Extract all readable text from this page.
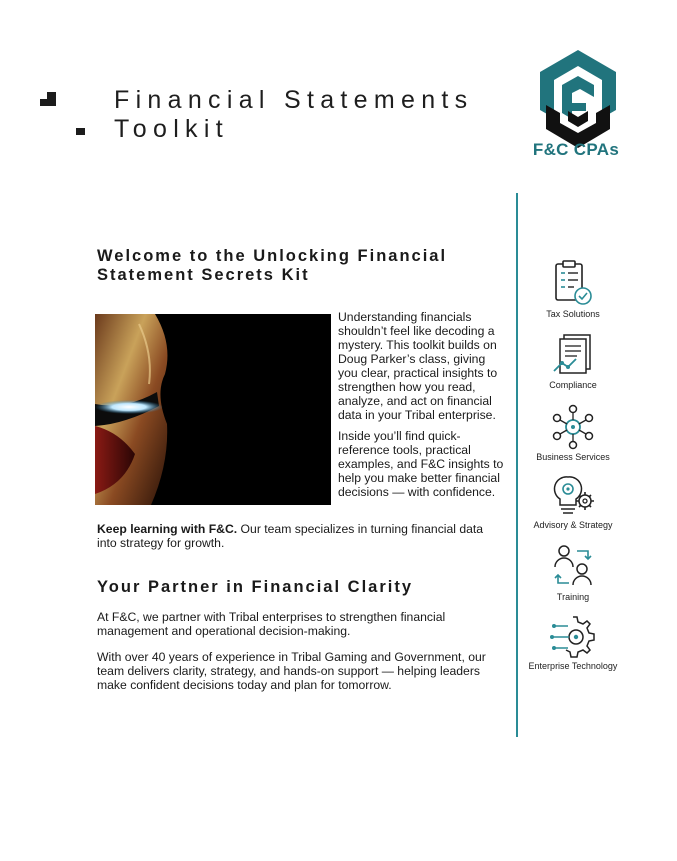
Financial Statements
Toolkit
F&C CPAs
Welcome to the Unlocking Financial
Statement Secrets Kit

Understanding financials shouldn’t feel like decoding a mystery. This toolkit builds on Doug Parker’s class, giving you clear, practical insights to strengthen how you read, analyze, and act on financial data in your Tribal enterprise.

Inside you’ll find quick-reference tools, practical examples, and F&C insights to help you make better financial decisions — with confidence.

Keep learning with F&C. Our team specializes in turning financial data into strategy for growth.

Your Partner in Financial Clarity

At F&C, we partner with Tribal enterprises to strengthen financial management and operational decision-making.

With over 40 years of experience in Tribal Gaming and Government, our team delivers clarity, strategy, and hands-on support — helping leaders make confident decisions today and plan for tomorrow.

Tax Solutions
Compliance
Business Services
Advisory & Strategy
Training
Enterprise Technology
